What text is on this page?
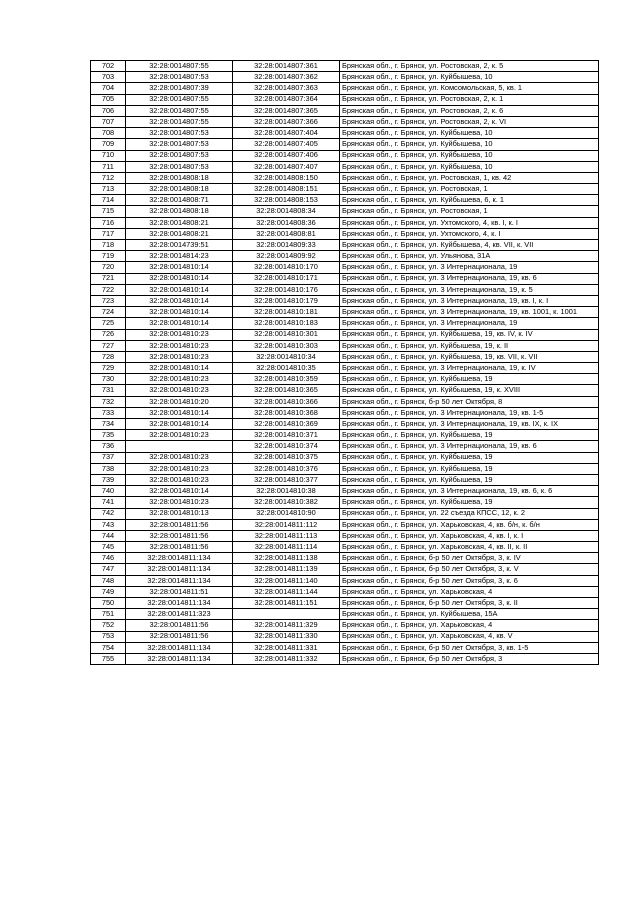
702	32:28:0014807:55	32:28:0014807:361	Брянская обл., г. Брянск, ул. Ростовская, 2, к. 5
703	32:28:0014807:53	32:28:0014807:362	Брянская обл., г. Брянск, ул. Куйбышева, 10
704	32:28:0014807:39	32:28:0014807:363	Брянская обл., г. Брянск, ул. Комсомольская, 5, кв. 1
705	32:28:0014807:55	32:28:0014807:364	Брянская обл., г. Брянск, ул. Ростовская, 2, к. 1
706	32:28:0014807:55	32:28:0014807:365	Брянская обл., г. Брянск, ул. Ростовская, 2, к. 6
707	32:28:0014807:55	32:28:0014807:366	Брянская обл., г. Брянск, ул. Ростовская, 2, к. VI
708	32:28:0014807:53	32:28:0014807:404	Брянская обл., г. Брянск, ул. Куйбышева, 10
709	32:28:0014807:53	32:28:0014807:405	Брянская обл., г. Брянск, ул. Куйбышева, 10
710	32:28:0014807:53	32:28:0014807:406	Брянская обл., г. Брянск, ул. Куйбышева, 10
711	32:28:0014807:53	32:28:0014807:407	Брянская обл., г. Брянск, ул. Куйбышева, 10
712	32:28:0014808:18	32:28:0014808:150	Брянская обл., г. Брянск, ул. Ростовская, 1, кв. 42
713	32:28:0014808:18	32:28:0014808:151	Брянская обл., г. Брянск, ул. Ростовская, 1
714	32:28:0014808:71	32:28:0014808:153	Брянская обл., г. Брянск, ул. Куйбышева, 6, к. 1
715	32:28:0014808:18	32:28:0014808:34	Брянская обл., г. Брянск, ул. Ростовская, 1
716	32:28:0014808:21	32:28:0014808:36	Брянская обл., г. Брянск, ул. Ухтомского, 4, кв. I, к. I
717	32:28:0014808:21	32:28:0014808:81	Брянская обл., г. Брянск, ул. Ухтомского, 4, к. I
718	32:28:0014739:51	32:28:0014809:33	Брянская обл., г. Брянск, ул. Куйбышева, 4, кв. VII, к. VII
719	32:28:0014814:23	32:28:0014809:92	Брянская обл., г. Брянск, ул. Ульянова, 31А
720	32:28:0014810:14	32:28:0014810:170	Брянская обл., г. Брянск, ул. 3 Интернационала, 19
721	32:28:0014810:14	32:28:0014810:171	Брянская обл., г. Брянск, ул. 3 Интернационала, 19, кв. 6
722	32:28:0014810:14	32:28:0014810:176	Брянская обл., г. Брянск, ул. 3 Интернационала, 19, к. 5
723	32:28:0014810:14	32:28:0014810:179	Брянская обл., г. Брянск, ул. 3 Интернационала, 19, кв. I, к. I
724	32:28:0014810:14	32:28:0014810:181	Брянская обл., г. Брянск, ул. 3 Интернационала, 19, кв. 1001, к. 1001
725	32:28:0014810:14	32:28:0014810:183	Брянская обл., г. Брянск, ул. 3 Интернационала, 19
726	32:28:0014810:23	32:28:0014810:301	Брянская обл., г. Брянск, ул. Куйбышева, 19, кв. IV, к. IV
727	32:28:0014810:23	32:28:0014810:303	Брянская обл., г. Брянск, ул. Куйбышева, 19, к. II
728	32:28:0014810:23	32:28:0014810:34	Брянская обл., г. Брянск, ул. Куйбышева, 19, кв. VII, к. VII
729	32:28:0014810:14	32:28:0014810:35	Брянская обл., г. Брянск, ул. 3 Интернационала, 19, к. IV
730	32:28:0014810:23	32:28:0014810:359	Брянская обл., г. Брянск, ул. Куйбышева, 19
731	32:28:0014810:23	32:28:0014810:365	Брянская обл., г. Брянск, ул. Куйбышева, 19, к. XVIII
732	32:28:0014810:20	32:28:0014810:366	Брянская обл., г. Брянск, б-р 50 лет Октября, 8
733	32:28:0014810:14	32:28:0014810:368	Брянская обл., г. Брянск, ул. 3 Интернационала, 19, кв. 1-5
734	32:28:0014810:14	32:28:0014810:369	Брянская обл., г. Брянск, ул. 3 Интернационала, 19, кв. IX, к. IX
735	32:28:0014810:23	32:28:0014810:371	Брянская обл., г. Брянск, ул. Куйбышева, 19
736		32:28:0014810:374	Брянская обл., г. Брянск, ул. 3 Интернационала, 19, кв. 6
737	32:28:0014810:23	32:28:0014810:375	Брянская обл., г. Брянск, ул. Куйбышева, 19
738	32:28:0014810:23	32:28:0014810:376	Брянская обл., г. Брянск, ул. Куйбышева, 19
739	32:28:0014810:23	32:28:0014810:377	Брянская обл., г. Брянск, ул. Куйбышева, 19
740	32:28:0014810:14	32:28:0014810:38	Брянская обл., г. Брянск, ул. 3 Интернационала, 19, кв. 6, к. 6
741	32:28:0014810:23	32:28:0014810:382	Брянская обл., г. Брянск, ул. Куйбышева, 19
742	32:28:0014810:13	32:28:0014810:90	Брянская обл., г. Брянск, ул. 22 съезда КПСС, 12, к. 2
743	32:28:0014811:56	32:28:0014811:112	Брянская обл., г. Брянск, ул. Харьковская, 4, кв. б/н, к. б/н
744	32:28:0014811:56	32:28:0014811:113	Брянская обл., г. Брянск, ул. Харьковская, 4, кв. I, к. I
745	32:28:0014811:56	32:28:0014811:114	Брянская обл., г. Брянск, ул. Харьковская, 4, кв. II, к. II
746	32:28:0014811:134	32:28:0014811:138	Брянская обл., г. Брянск, б-р 50 лет Октября, 3, к. IV
747	32:28:0014811:134	32:28:0014811:139	Брянская обл., г. Брянск, б-р 50 лет Октября, 3, к. V
748	32:28:0014811:134	32:28:0014811:140	Брянская обл., г. Брянск, б-р 50 лет Октября, 3, к. 6
749	32:28:0014811:51	32:28:0014811:144	Брянская обл., г. Брянск, ул. Харьковская, 4
750	32:28:0014811:134	32:28:0014811:151	Брянская обл., г. Брянск, б-р 50 лет Октября, 3, к. II
751	32:28:0014811:323		Брянская обл., г. Брянск, ул. Куйбышева, 15А
752	32:28:0014811:56	32:28:0014811:329	Брянская обл., г. Брянск, ул. Харьковская, 4
753	32:28:0014811:56	32:28:0014811:330	Брянская обл., г. Брянск, ул. Харьковская, 4, кв. V
754	32:28:0014811:134	32:28:0014811:331	Брянская обл., г. Брянск, б-р 50 лет Октября, 3, кв. 1-5
755	32:28:0014811:134	32:28:0014811:332	Брянская обл., г. Брянск, б-р 50 лет Октября, 3
